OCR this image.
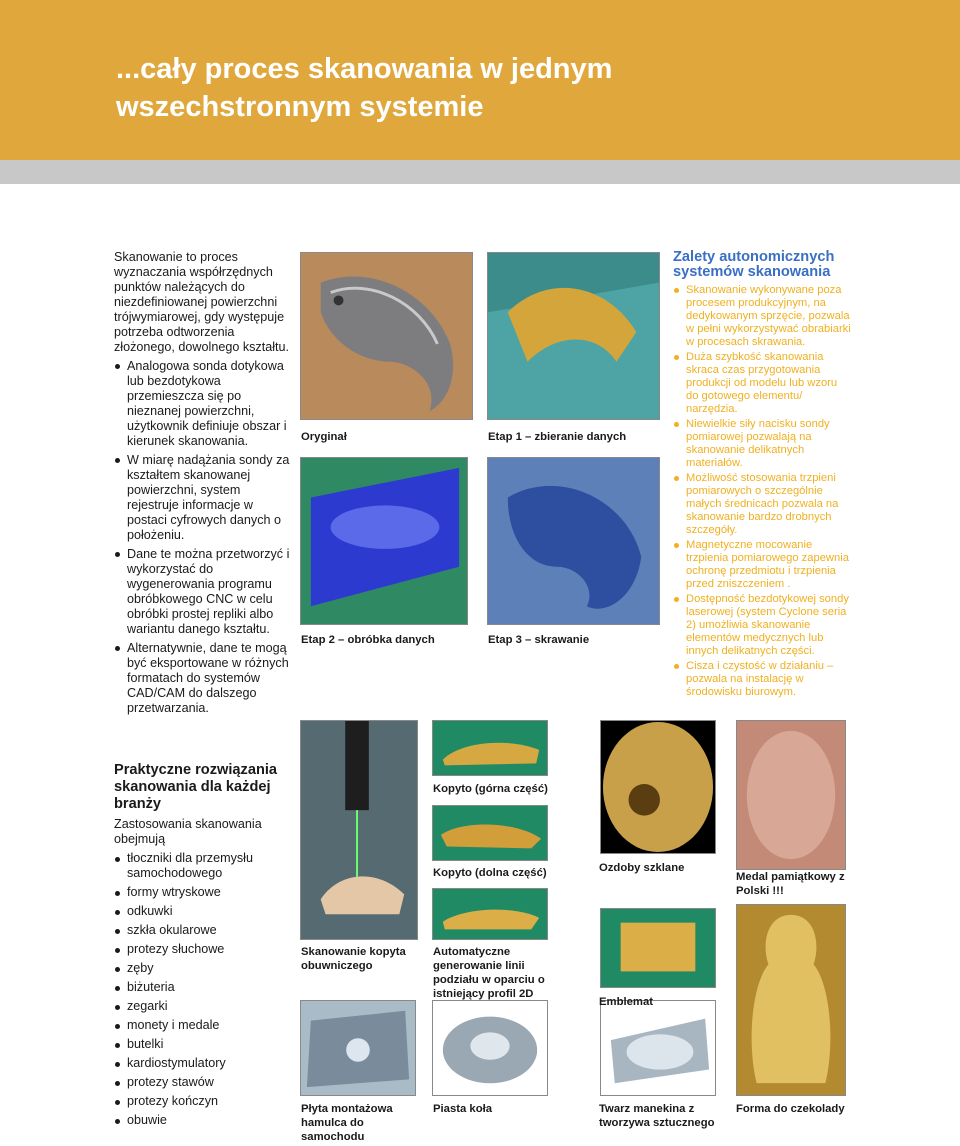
...cały proces skanowania w jednym
wszechstronnym systemie

Skanowanie to proces wyznaczania współrzędnych punktów należących do niezdefiniowanej powierzchni trójwymiarowej, gdy występuje potrzeba odtworzenia złożonego, dowolnego kształtu.

Analogowa sonda dotykowa lub bezdotykowa przemieszcza się po nieznanej powierzchni, użytkownik definiuje obszar i kierunek skanowania.
W miarę nadążania sondy za kształtem skanowanej powierzchni, system rejestruje informacje w postaci cyfrowych danych o położeniu.
Dane te można przetworzyć i wykorzystać do wygenerowania programu obróbkowego CNC w celu obróbki prostej repliki albo wariantu danego kształtu.
Alternatywnie, dane te mogą być eksportowane w różnych formatach do systemów CAD/CAM do dalszego przetwarzania.
Oryginał	Etap 1 – zbieranie danych
Etap 2 – obróbka danych	Etap 3 – skrawanie
Zalety autonomicznych systemów skanowania
Skanowanie wykonywane poza procesem produkcyjnym, na dedykowanym sprzęcie, pozwala w pełni wykorzystywać obrabiarki w procesach skrawania.
Duża szybkość skanowania skraca czas przygotowania produkcji od modelu lub wzoru do gotowego elementu/ narzędzia.
Niewielkie siły nacisku sondy pomiarowej pozwalają na skanowanie delikatnych materiałów.
Możliwość stosowania trzpieni pomiarowych o szczególnie małych średnicach pozwala na skanowanie bardzo drobnych szczegóły.
Magnetyczne mocowanie trzpienia pomiarowego zapewnia ochronę przedmiotu i trzpienia przed zniszczeniem .
Dostępność bezdotykowej sondy laserowej (system Cyclone seria 2) umożliwia skanowanie elementów medycznych lub innych delikatnych części.
Cisza i czystość w działaniu – pozwala na instalację w środowisku biurowym.
Praktyczne rozwiązania skanowania dla każdej branży

Zastosowania skanowania obejmują

tłoczniki dla przemysłu samochodowego
formy wtryskowe
odkuwki
szkła okularowe
protezy słuchowe
zęby
biżuteria
zegarki
monety i medale
butelki
kardiostymulatory
protezy stawów
protezy kończyn
obuwie
Kopyto (górna część)
Kopyto (dolna część)
Skanowanie kopyta obuwniczego
Automatyczne generowanie linii podziału w oparciu o istniejący profil 2D
Ozdoby szklane
Medal pamiątkowy z Polski !!!
Emblemat
Płyta montażowa hamulca do samochodu
Piasta koła	Twarz manekina z tworzywa sztucznego
Forma do czekolady
